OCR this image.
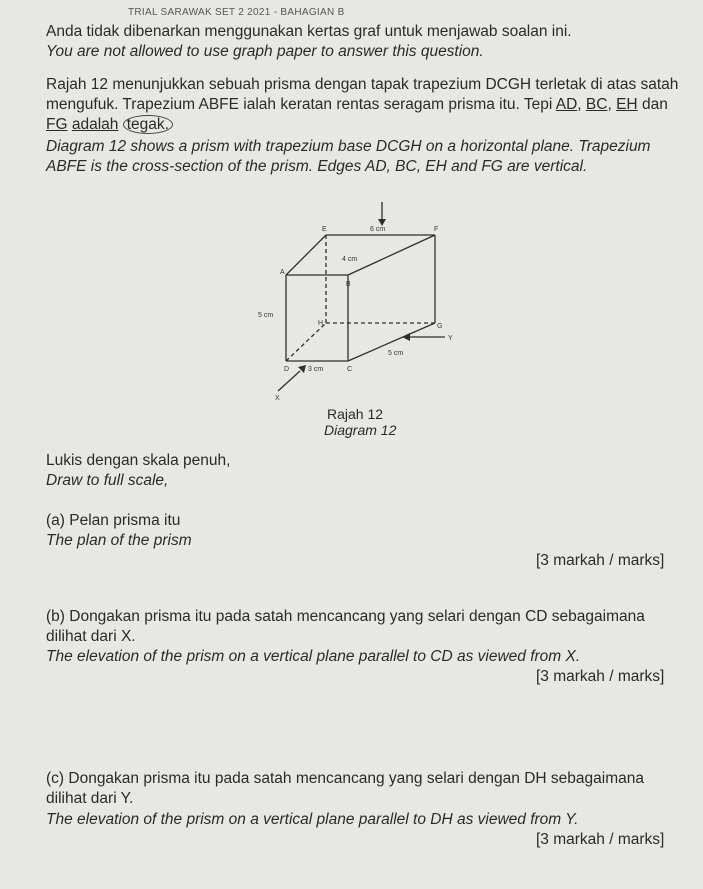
TRIAL SARAWAK SET 2 2021 - BAHAGIAN B
Anda tidak dibenarkan menggunakan kertas graf untuk menjawab soalan ini.
You are not allowed to use graph paper to answer this question.
Rajah 12 menunjukkan sebuah prisma dengan tapak trapezium DCGH terletak di atas satah
mengufuk. Trapezium ABFE ialah keratan rentas seragam prisma itu. Tepi AD, BC, EH dan
FG adalah tegak.
Diagram 12 shows a prism with trapezium base DCGH on a horizontal plane. Trapezium
ABFE is the cross-section of the prism. Edges AD, BC, EH and FG are vertical.
E	F
A
B
H	G
D	C
X
Y
6 cm
4 cm
5 cm
3 cm
5 cm
Rajah 12
Diagram 12
Lukis dengan skala penuh,
Draw to full scale,
(a) Pelan prisma itu
The plan of the prism
[3 markah / marks]
(b) Dongakan prisma itu pada satah mencancang yang selari dengan CD sebagaimana
dilihat dari X.
The elevation of the prism on a vertical plane parallel to CD as viewed from X.
[3 markah / marks]
(c) Dongakan prisma itu pada satah mencancang yang selari dengan DH sebagaimana
dilihat dari Y.
The elevation of the prism on a vertical plane parallel to DH as viewed from Y.
[3 markah / marks]
